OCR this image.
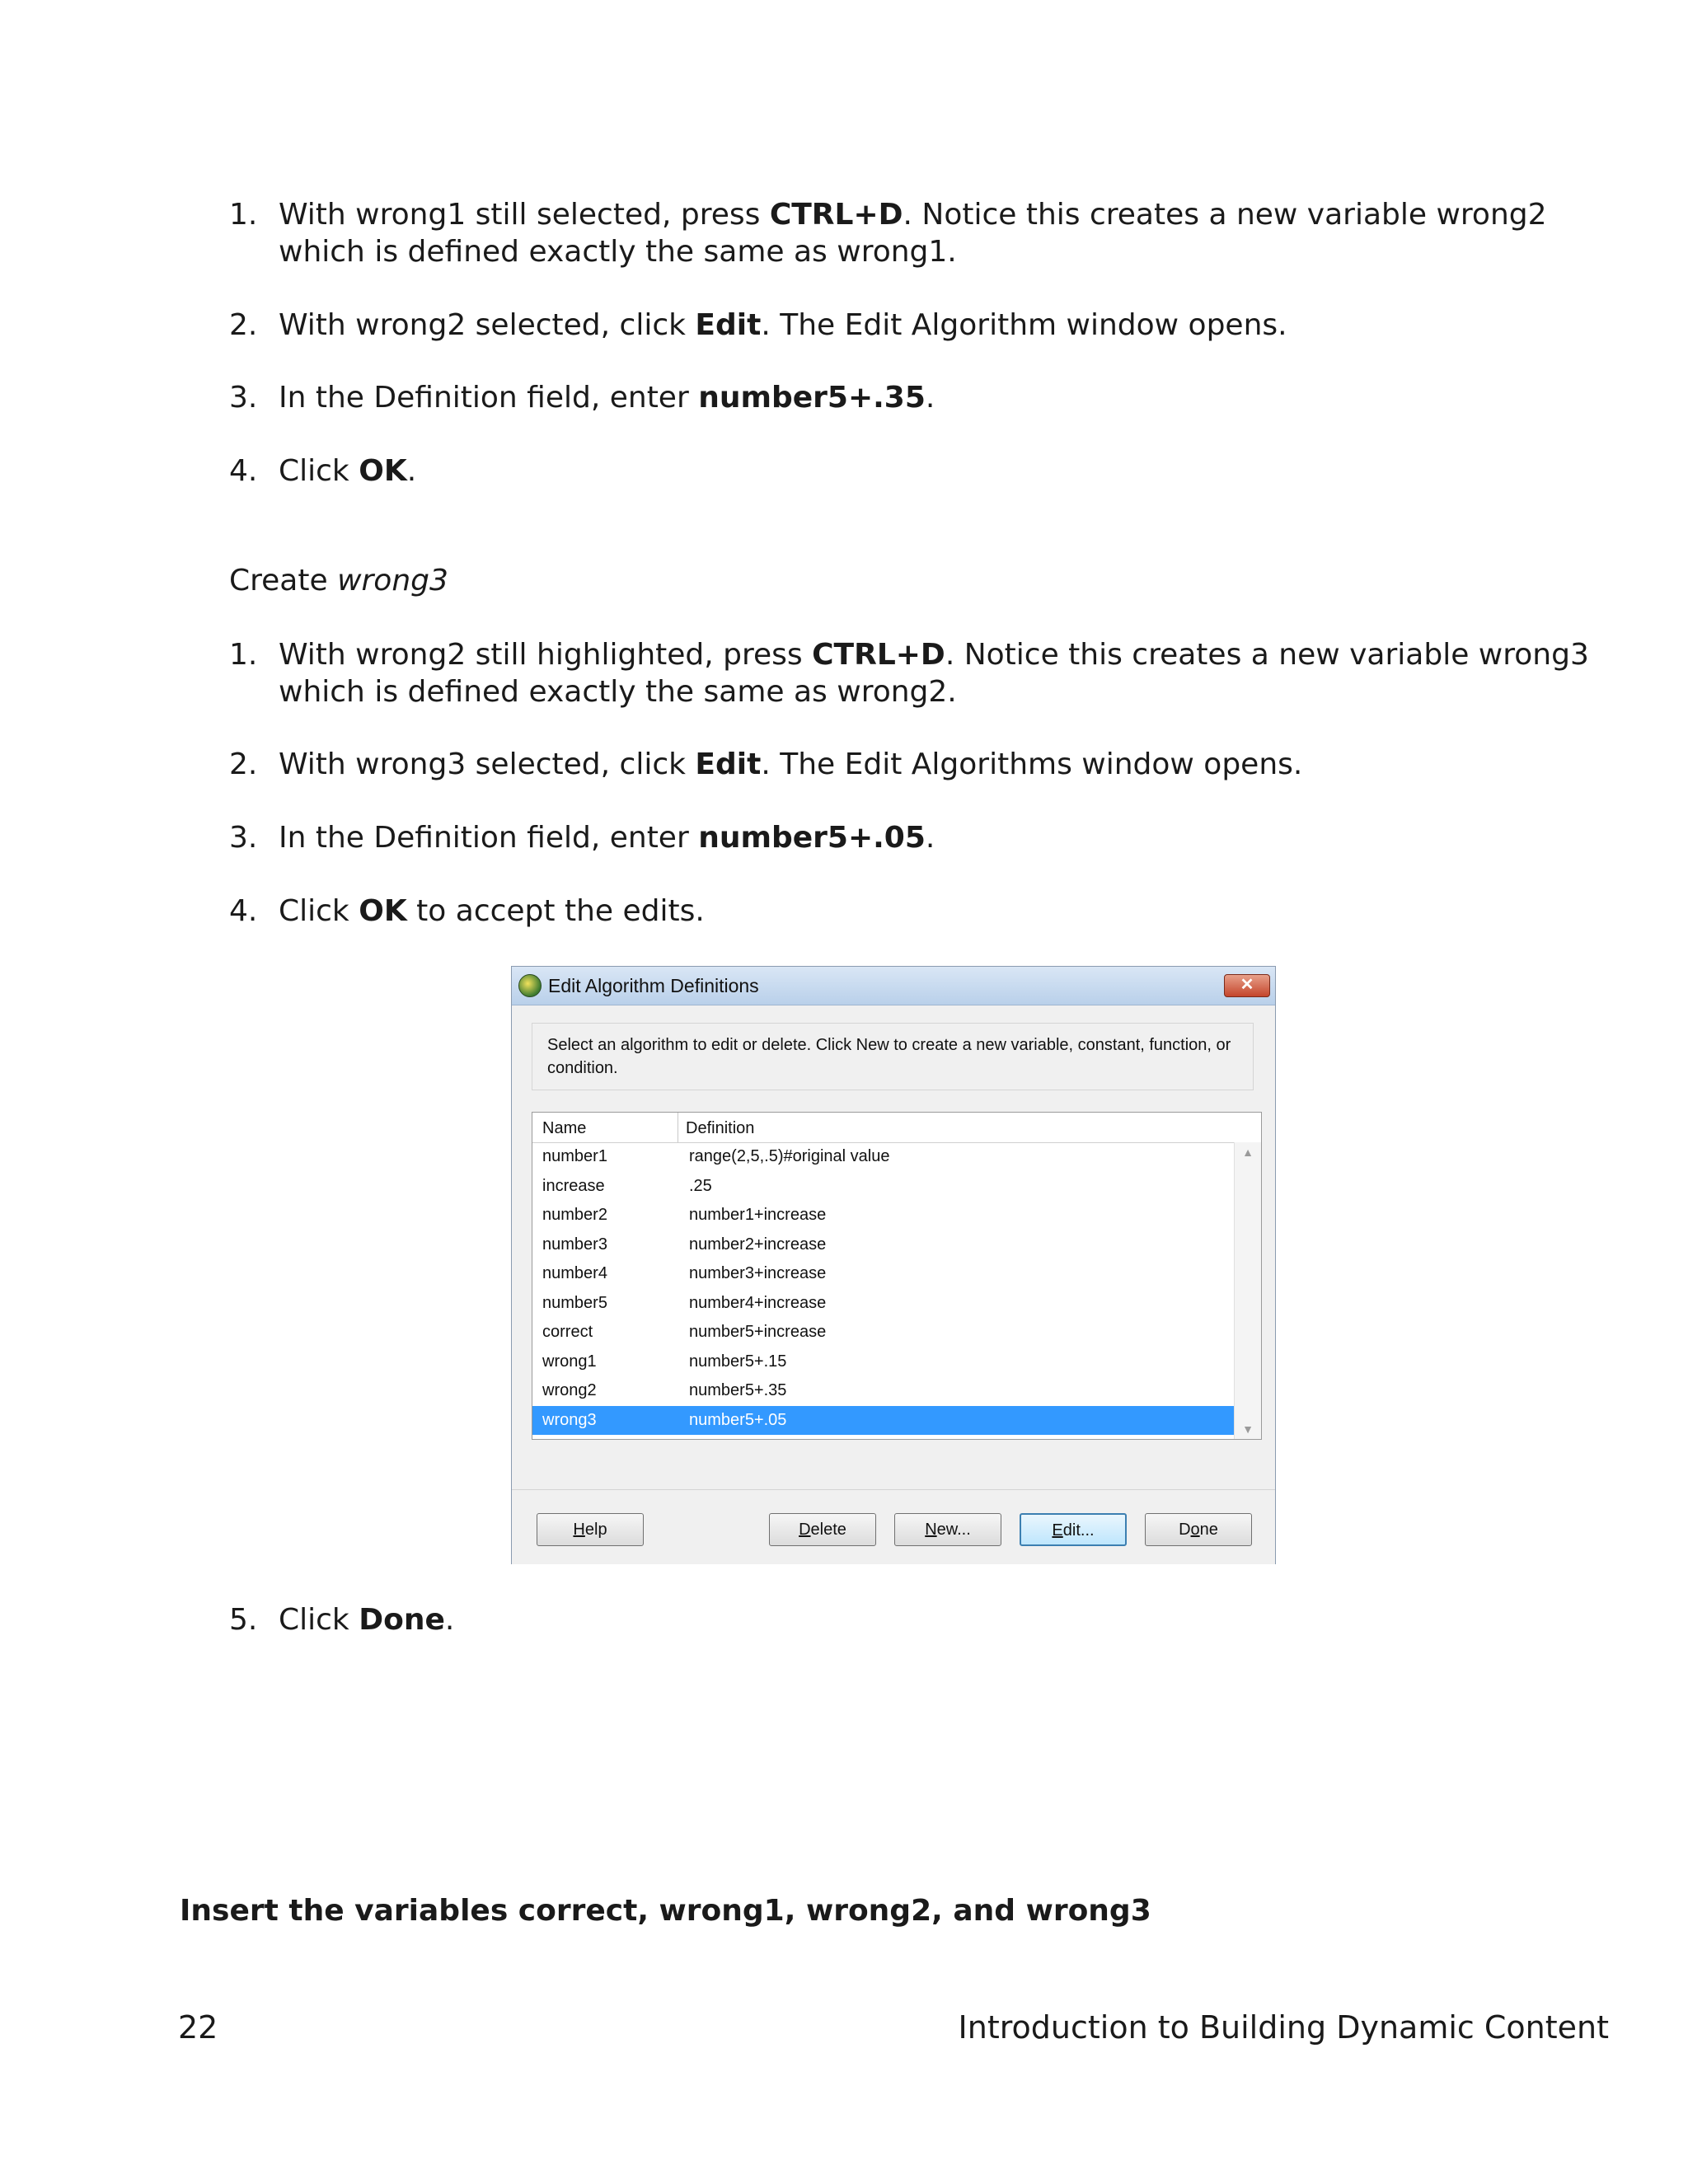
1. With wrong1 still selected, press CTRL+D. Notice this creates a new variable wrong2 which is defined exactly the same as wrong1.
2. With wrong2 selected, click Edit. The Edit Algorithm window opens.
3. In the Definition field, enter number5+.35.
4. Click OK.
Create wrong3
1. With wrong2 still highlighted, press CTRL+D. Notice this creates a new variable wrong3 which is defined exactly the same as wrong2.
2. With wrong3 selected, click Edit. The Edit Algorithms window opens.
3. In the Definition field, enter number5+.05.
4. Click OK to accept the edits.
Edit Algorithm Definitions	✕
Select an algorithm to edit or delete. Click New to create a new variable, constant, function, or condition.
Name	Definition
number1	range(2,5,.5)#original value
increase	.25
number2	number1+increase
number3	number2+increase
number4	number3+increase
number5	number4+increase
correct	number5+increase
wrong1	number5+.15
wrong2	number5+.35
wrong3	number5+.05
▲
▼
Help	Delete	New...	Edit...	Done
5. Click Done.
Insert the variables correct, wrong1, wrong2, and wrong3
22	Introduction to Building Dynamic Content
